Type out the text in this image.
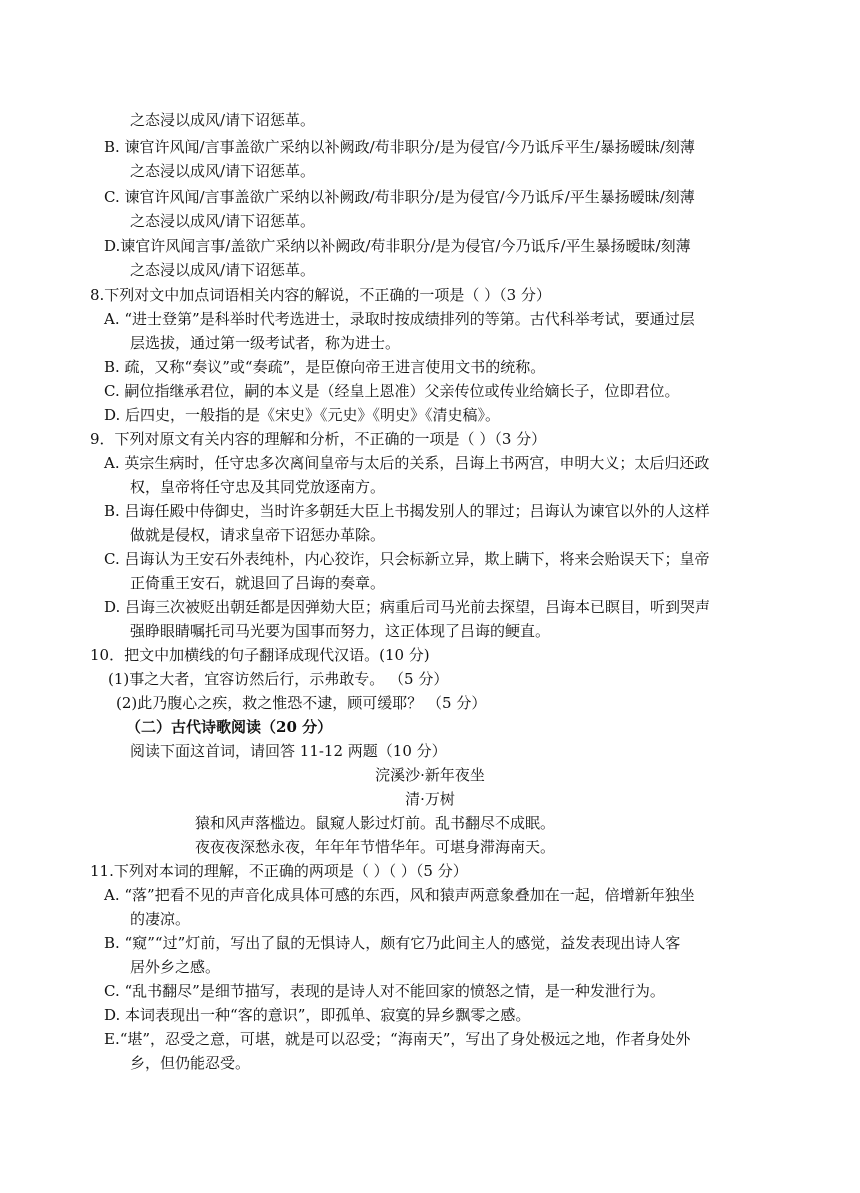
之态浸以成风/请下诏惩革。
B. 谏官许风闻/言事盖欲广采纳以补阙政/苟非职分/是为侵官/今乃诋斥平生/暴扬暧昧/刻薄
之态浸以成风/请下诏惩革。
C. 谏官许风闻/言事盖欲广采纳以补阙政/苟非职分/是为侵官/今乃诋斥/平生暴扬暧昧/刻薄
之态浸以成风/请下诏惩革。
D.谏官许风闻言事/盖欲广采纳以补阙政/苟非职分/是为侵官/今乃诋斥/平生暴扬暧昧/刻薄
之态浸以成风/请下诏惩革。
8.下列对文中加点词语相关内容的解说，不正确的一项是（ ）（3 分）
A. “进士登第”是科举时代考选进士，录取时按成绩排列的等第。古代科举考试，要通过层
层选拔，通过第一级考试者，称为进士。
B. 疏，又称“奏议”或“奏疏”，是臣僚向帝王进言使用文书的统称。
C. 嗣位指继承君位，嗣的本义是（经皇上恩准）父亲传位或传业给嫡长子，位即君位。
D. 后四史，一般指的是《宋史》《元史》《明史》《清史稿》。
9．下列对原文有关内容的理解和分析，不正确的一项是（ ）（3 分）
A. 英宗生病时，任守忠多次离间皇帝与太后的关系，吕诲上书两宫，申明大义；太后归还政
权，皇帝将任守忠及其同党放逐南方。
B. 吕诲任殿中侍御史，当时许多朝廷大臣上书揭发别人的罪过；吕诲认为谏官以外的人这样
做就是侵权，请求皇帝下诏惩办革除。
C. 吕诲认为王安石外表纯朴，内心狡诈，只会标新立异，欺上瞒下，将来会贻误天下；皇帝
正倚重王安石，就退回了吕诲的奏章。
D. 吕诲三次被贬出朝廷都是因弹劾大臣；病重后司马光前去探望，吕诲本已瞑目，听到哭声
强睁眼睛嘱托司马光要为国事而努力，这正体现了吕诲的鲠直。
10．把文中加横线的句子翻译成现代汉语。(10 分)
(1)事之大者，宜容访然后行，示弗敢专。 （5 分）
(2)此乃腹心之疾，救之惟恐不逮，顾可缓耶？ （5 分）
（二）古代诗歌阅读（20 分）
阅读下面这首词，请回答 11-12 两题（10 分）
浣溪沙·新年夜坐
清·万树
猿和风声落槛边。鼠窥人影过灯前。乱书翻尽不成眠。
夜夜夜深愁永夜，年年年节惜华年。可堪身滞海南天。
11.下列对本词的理解，不正确的两项是（ ）（ ）（5 分）
A. “落”把看不见的声音化成具体可感的东西，风和猿声两意象叠加在一起，倍增新年独坐
的凄凉。
B. “窥”“过”灯前，写出了鼠的无惧诗人，颇有它乃此间主人的感觉，益发表现出诗人客
居外乡之感。
C. “乱书翻尽”是细节描写，表现的是诗人对不能回家的愤怒之情，是一种发泄行为。
D. 本词表现出一种“客的意识”，即孤单、寂寞的异乡飘零之感。
E.“堪”，忍受之意，可堪，就是可以忍受；“海南天”，写出了身处极远之地，作者身处外
乡，但仍能忍受。
